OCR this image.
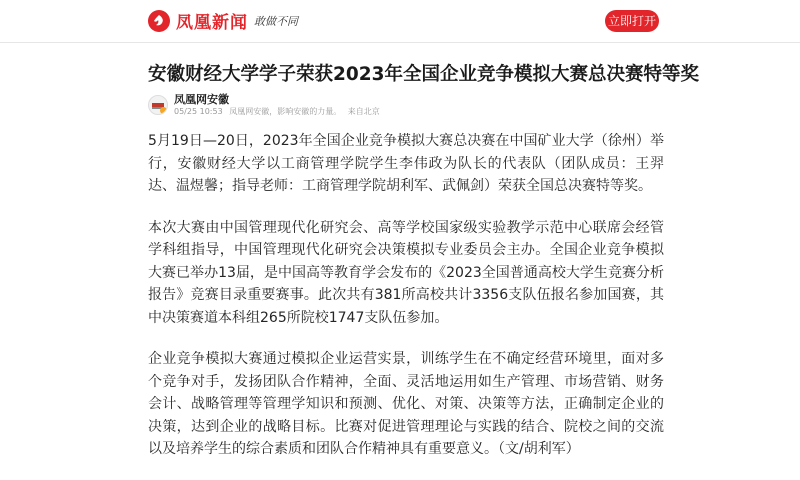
凤凰新闻 敢做不同	立即打开
安徽财经大学学子荣获2023年全国企业竞争模拟大赛总决赛特等奖
凤凰网安徽
05/25 10:53 凤凰网安徽，影响安徽的力量。 来自北京

5月19日—20日，2023年全国企业竞争模拟大赛总决赛在中国矿业大学（徐州）举行，安徽财经大学以工商管理学院学生李伟政为队长的代表队（团队成员：王羿达、温煜馨；指导老师：工商管理学院胡利军、武佩剑）荣获全国总决赛特等奖。

本次大赛由中国管理现代化研究会、高等学校国家级实验教学示范中心联席会经管学科组指导，中国管理现代化研究会决策模拟专业委员会主办。全国企业竞争模拟大赛已举办13届，是中国高等教育学会发布的《2023全国普通高校大学生竞赛分析报告》竞赛目录重要赛事。此次共有381所高校共计3356支队伍报名参加国赛，其中决策赛道本科组265所院校1747支队伍参加。

企业竞争模拟大赛通过模拟企业运营实景，训练学生在不确定经营环境里，面对多个竞争对手，发扬团队合作精神，全面、灵活地运用如生产管理、市场营销、财务会计、战略管理等管理学知识和预测、优化、对策、决策等方法，正确制定企业的决策，达到企业的战略目标。比赛对促进管理理论与实践的结合、院校之间的交流以及培养学生的综合素质和团队合作精神具有重要意义。（文/胡利军）
